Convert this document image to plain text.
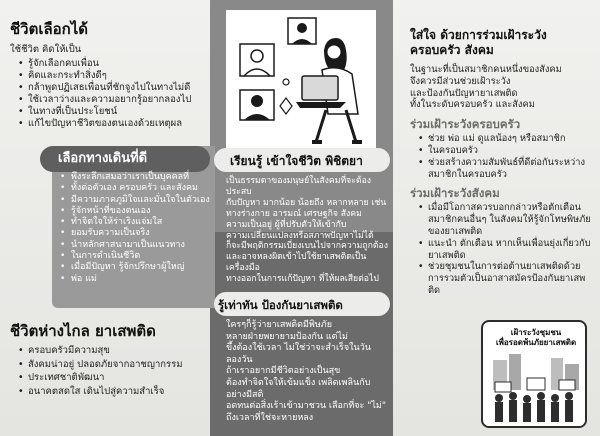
ชีวิตเลือกได้
ใช้ชีวิต คิดให้เป็น
• รู้จักเลือกคบเพื่อน
• คิดและกระทำสิ่งดีๆ
• กล้าพูดปฏิเสธเพื่อนที่ชักจูงไปในทางไม่ดี
• ใช้เวลาว่างและความอยากรู้อยากลองไป
• ในทางที่เป็นประโยชน์
• แก้ไขปัญหาชีวิตของตนเองด้วยเหตุผล
เลือกทางเดินที่ดี
• พึงระลึกเสมอว่าเราเป็นบุคคลที่
• ทั้งต่อตัวเอง ครอบครัว และสังคม
• มีความภาคภูมิใจและมั่นใจในตัวเอง
• รู้จักหน้าที่ของตนเอง
• ทำจิตใจให้ร่าเริงแจ่มใส
• ยอมรับความเป็นจริง
• นำหลักศาสนามาเป็นแนวทาง
• ในการดำเนินชีวิต
• เมื่อมีปัญหา รู้จักปรึกษาผู้ใหญ่
• พ่อ แม่
ชีวิตห่างไกล ยาเสพติด
• ครอบครัวมีความสุข
• สังคมน่าอยู่ ปลอดภัยจากอาชญากรรม
• ประเทศชาติพัฒนา
• อนาคตสดใส เดินไปสู่ความสำเร็จ
เรียนรู้ เข้าใจชีวิต พิชิตยา
เป็นธรรมดาของมนุษย์ในสังคมที่จะต้องประสบ
กับปัญหา มากน้อย น้อยถึง หลากหลาย เช่น
ทางร่างกาย อารมณ์ เศรษฐกิจ สังคม
ความเป็นอยู่ ผู้ที่ปรับตัวให้เข้ากับ
ความเปลี่ยนแปลงหรือสภาพปัญหาไม่ได้
ก็จะมีพฤติกรรมเบี่ยงเบนไปจากความถูกต้อง
และอาจหลงผิดเข้าไปใช้ยาเสพติดเป็นเครื่องมือ
ทางออกในการแก้ปัญหา ที่ให้ผลเสียต่อไป
รู้เท่าทัน ป้องกันยาเสพติด
ใครๆก็รู้ว่ายาเสพติดมีพิษภัย
หลายฝ่ายพยายามป้องกัน แต่ไม่
ขึ้งต้องใช้เวลา ไม่ใช่ว่าจะสำเร็จในวัน ลองวัน
ถ้าเราอยากมีชีวิตอย่างเป็นสุข
ต้องทำจิตใจให้เข้มแข็ง เพลิดเพลินกับ อย่างมีสติ
อดทนต่อสิ่งเร้าเข้ามาชวน เลือกที่จะ "ไม่"
ถึงเวลาที่ใช่จะหายหลง
ใส่ใจ ด้วยการร่วมเฝ้าระวัง ครอบครัว สังคม
ในฐานะที่เป็นสมาชิกคนหนึ่งของสังคม
จึงควรมีส่วนช่วยเฝ้าระวัง
และป้องกันปัญหายาเสพติด
ทั้งในระดับครอบครัว และสังคม
ร่วมเฝ้าระวังครอบครัว
• ช่วย พ่อ แม่ ดูแลน้องๆ หรือสมาชิก
• ในครอบครัว
• ช่วยสร้างความสัมพันธ์ที่ดีต่อกันระหว่างสมาชิกในครอบครัว
ร่วมเฝ้าระวังสังคม
• เมื่อมีโอกาสควรบอกกล่าวหรือตักเตือนสมาชิกคนอื่นๆ ในสังคมให้รู้จักโทษพิษภัยของยาเสพติด
• แนะนำ ตักเตือน หากเห็นเพื่อนยุ่งเกี่ยวกับยาเสพติด
• ช่วยชุมชนในการต่อต้านยาเสพติดด้วยการรวมตัวเป็นอาสาสมัครป้องกันยาเสพติด
เฝ้าระวังชุมชน
เพื่อรอดพ้นภัยยาเสพติด
